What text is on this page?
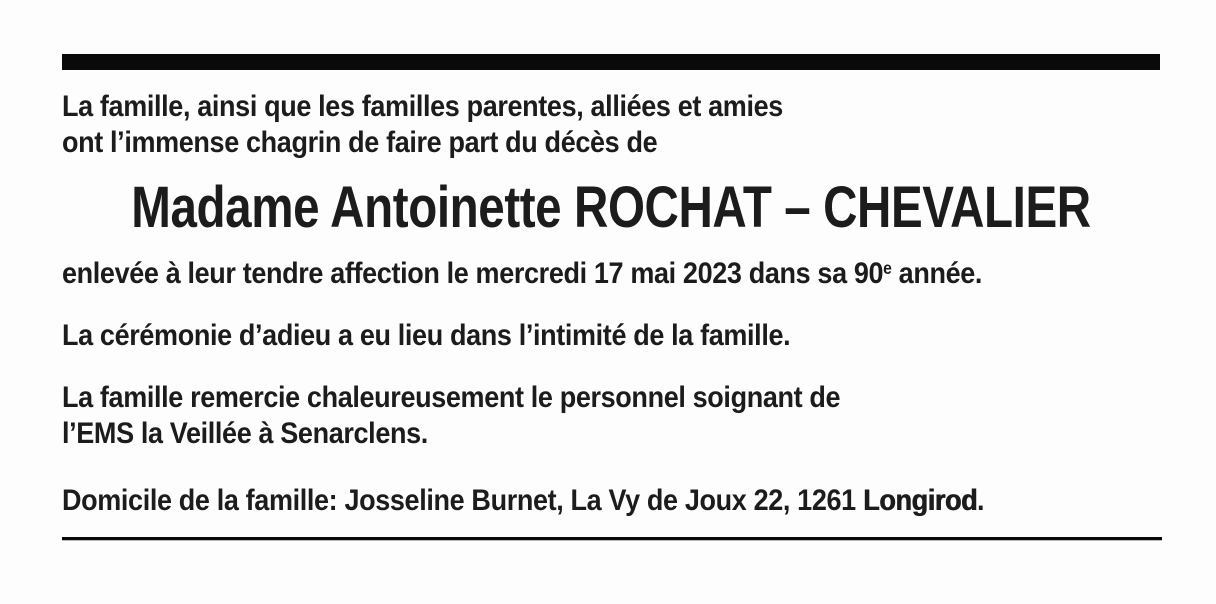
La famille, ainsi que les familles parentes, alliées et amies
ont l’immense chagrin de faire part du décès de
Madame Antoinette ROCHAT – CHEVALIER
enlevée à leur tendre affection le mercredi 17 mai 2023 dans sa 90e année.
La cérémonie d’adieu a eu lieu dans l’intimité de la famille.
La famille remercie chaleureusement le personnel soignant de
l’EMS la Veillée à Senarclens.
Domicile de la famille: Josseline Burnet, La Vy de Joux 22, 1261 Longirod.
